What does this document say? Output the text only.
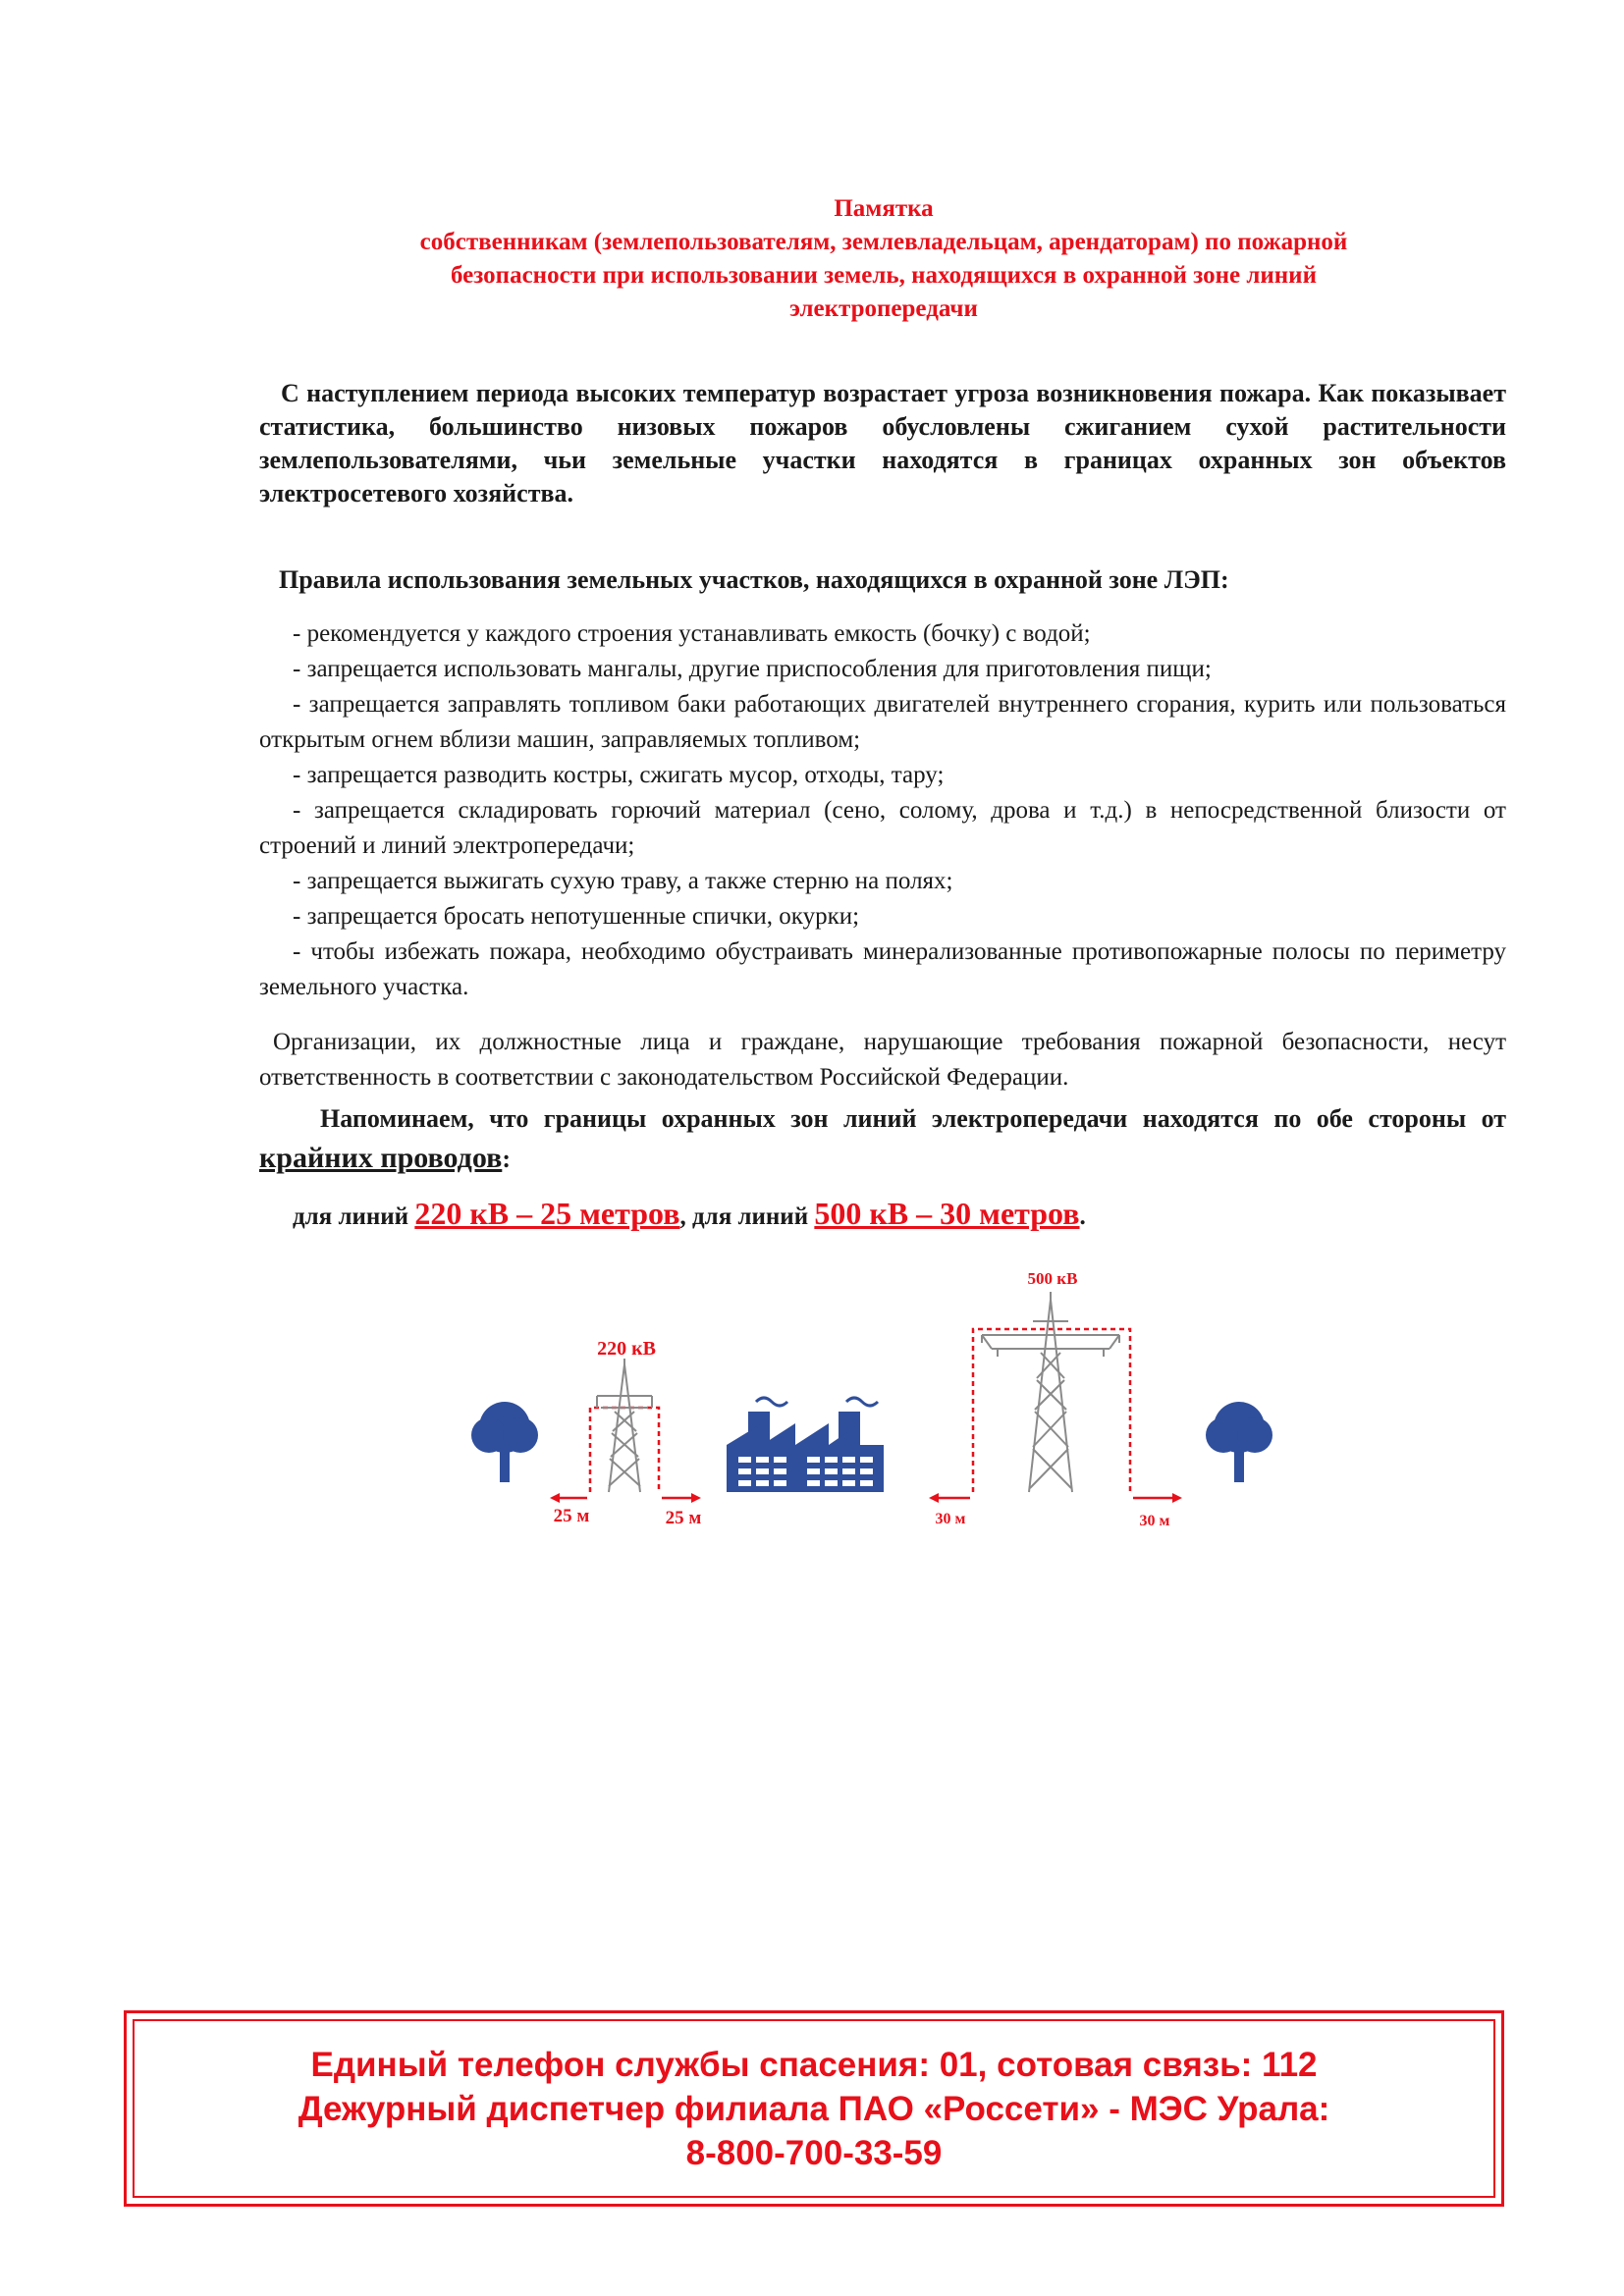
Памятка
собственникам (землепользователям, землевладельцам, арендаторам) по пожарной
безопасности при использовании земель, находящихся в охранной зоне линий
электропередачи

С наступлением периода высоких температур возрастает угроза возникновения пожара. Как показывает статистика, большинство низовых пожаров обусловлены сжиганием сухой растительности землепользователями, чьи земельные участки находятся в границах охранных зон объектов электросетевого хозяйства.

Правила использования земельных участков, находящихся в охранной зоне ЛЭП:

- рекомендуется у каждого строения устанавливать емкость (бочку) с водой;

- запрещается использовать мангалы, другие приспособления для приготовления пищи;

- запрещается заправлять топливом баки работающих двигателей внутреннего сгорания, курить или пользоваться открытым огнем вблизи машин, заправляемых топливом;

- запрещается разводить костры, сжигать мусор, отходы, тару;

- запрещается складировать горючий материал (сено, солому, дрова и т.д.) в непосредственной близости от строений и линий электропередачи;

- запрещается выжигать сухую траву, а также стерню на полях;

- запрещается бросать непотушенные спички, окурки;

- чтобы избежать пожара, необходимо обустраивать минерализованные противопожарные полосы по периметру земельного участка.

Организации, их должностные лица и граждане, нарушающие требования пожарной безопасности, несут ответственность в соответствии с законодательством Российской Федерации.

Напоминаем, что границы охранных зон линий электропередачи находятся по обе стороны от крайних проводов:

для линий 220 кВ – 25 метров, для линий 500 кВ – 30 метров.
220 кВ
500 кВ
25 м	25 м	30 м	30 м
Единый телефон службы спасения: 01, сотовая связь: 112
Дежурный диспетчер филиала ПАО «Россети» - МЭС Урала:
8-800-700-33-59
